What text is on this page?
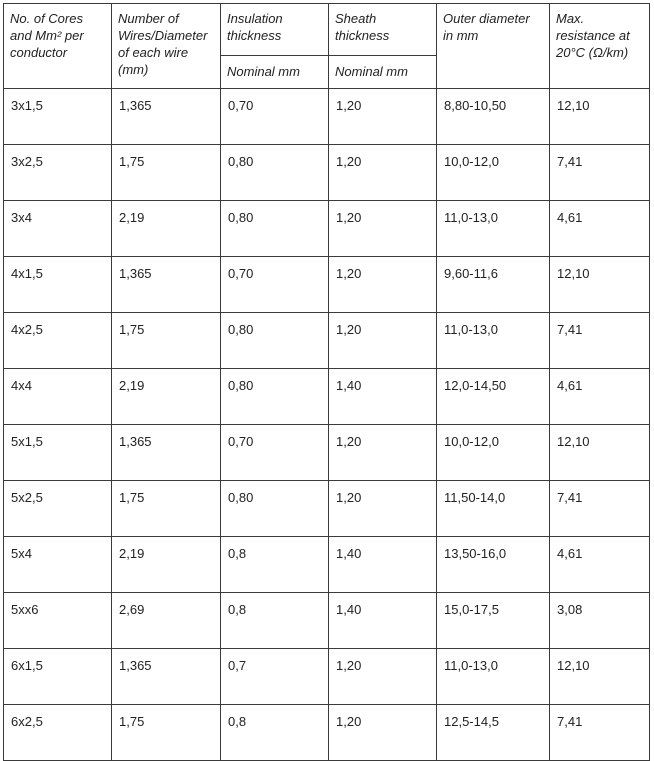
No. of Cores and Mm² per conductor	Number of Wires/Diameter of each wire (mm)	Insulation thickness	Sheath thickness	Outer diameter in mm	Max. resistance at 20°C (Ω/km)
		Nominal mm	Nominal mm		
3x1,5	1,365	0,70	1,20	8,80-10,50	12,10
3x2,5	1,75	0,80	1,20	10,0-12,0	7,41
3x4	2,19	0,80	1,20	11,0-13,0	4,61
4x1,5	1,365	0,70	1,20	9,60-11,6	12,10
4x2,5	1,75	0,80	1,20	11,0-13,0	7,41
4x4	2,19	0,80	1,40	12,0-14,50	4,61
5x1,5	1,365	0,70	1,20	10,0-12,0	12,10
5x2,5	1,75	0,80	1,20	11,50-14,0	7,41
5x4	2,19	0,8	1,40	13,50-16,0	4,61
5xx6	2,69	0,8	1,40	15,0-17,5	3,08
6x1,5	1,365	0,7	1,20	11,0-13,0	12,10
6x2,5	1,75	0,8	1,20	12,5-14,5	7,41
